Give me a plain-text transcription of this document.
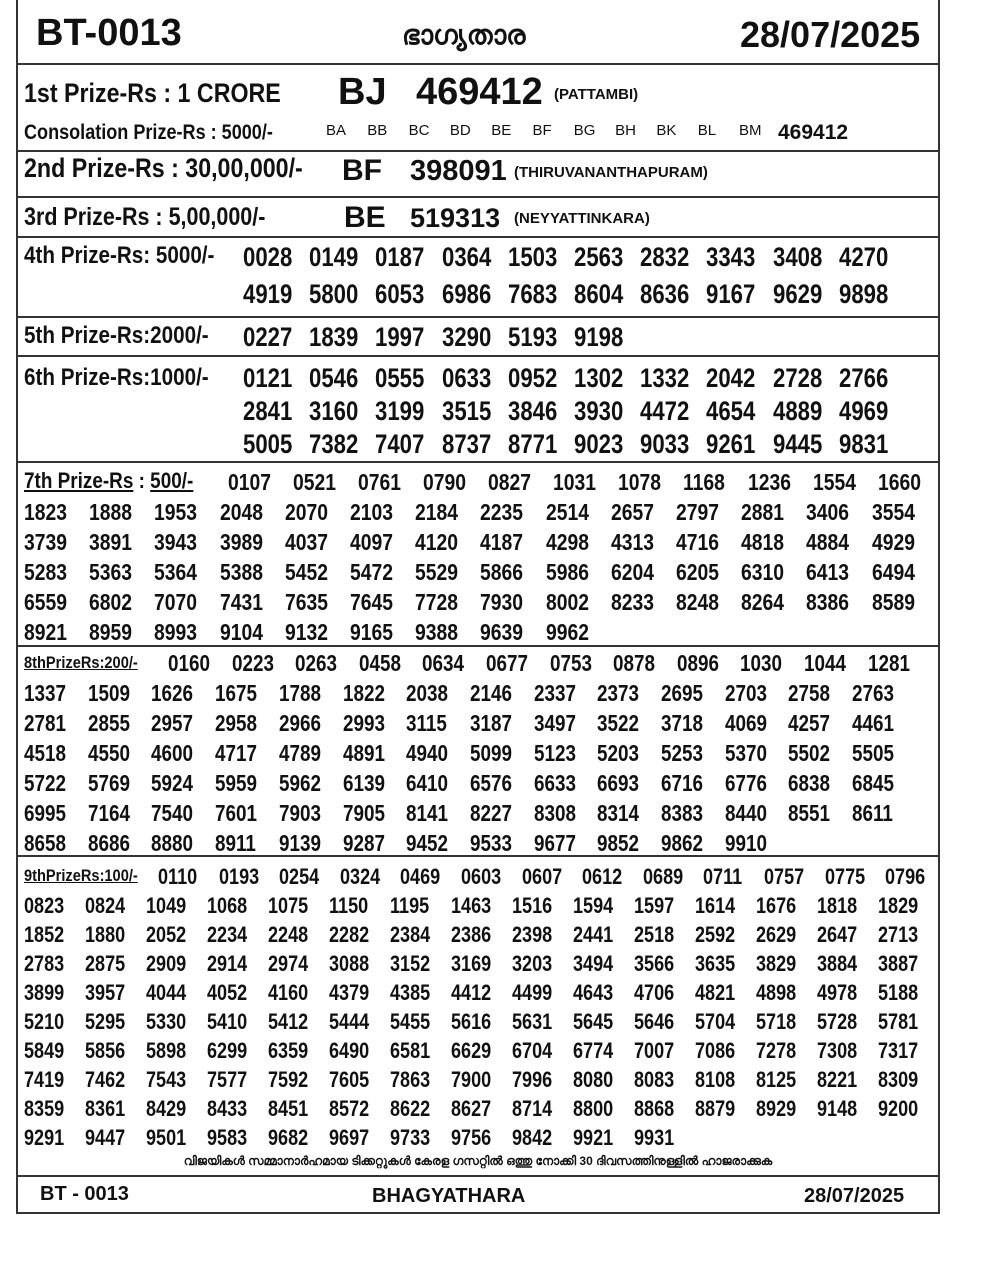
BT-0013	ഭാഗ്യതാര	28/07/2025
1st Prize-Rs : 1 CRORE	BJ 469412 (PATTAMBI)
Consolation Prize-Rs : 5000/-	BA BB BC BD BE BF BG BH BK BL BM 469412
2nd Prize-Rs : 30,00,000/-	BF 398091 (THIRUVANANTHAPURAM)
3rd Prize-Rs : 5,00,000/-	BE 519313 (NEYYATTINKARA)
4th Prize-Rs: 5000/-	0028 0149 0187 0364 1503 2563 2832 3343 3408 4270
4919 5800 6053 6986 7683 8604 8636 9167 9629 9898
5th Prize-Rs:2000/-	0227 1839 1997 3290 5193 9198
6th Prize-Rs:1000/-	0121 0546 0555 0633 0952 1302 1332 2042 2728 2766
2841 3160 3199 3515 3846 3930 4472 4654 4889 4969
5005 7382 7407 8737 8771 9023 9033 9261 9445 9831
7th Prize-Rs : 500/-	0107 0521 0761 0790 0827 1031 1078 1168 1236 1554 1660
1823 1888 1953 2048 2070 2103 2184 2235 2514 2657 2797 2881 3406 3554
3739 3891 3943 3989 4037 4097 4120 4187 4298 4313 4716 4818 4884 4929
5283 5363 5364 5388 5452 5472 5529 5866 5986 6204 6205 6310 6413 6494
6559 6802 7070 7431 7635 7645 7728 7930 8002 8233 8248 8264 8386 8589
8921 8959 8993 9104 9132 9165 9388 9639 9962
8thPrizeRs:200/-	0160 0223 0263 0458 0634 0677 0753 0878 0896 1030 1044 1281
1337 1509 1626 1675 1788 1822 2038 2146 2337 2373 2695 2703 2758 2763
2781 2855 2957 2958 2966 2993 3115 3187 3497 3522 3718 4069 4257 4461
4518 4550 4600 4717 4789 4891 4940 5099 5123 5203 5253 5370 5502 5505
5722 5769 5924 5959 5962 6139 6410 6576 6633 6693 6716 6776 6838 6845
6995 7164 7540 7601 7903 7905 8141 8227 8308 8314 8383 8440 8551 8611
8658 8686 8880 8911 9139 9287 9452 9533 9677 9852 9862 9910
9thPrizeRs:100/- 0110 0193 0254 0324 0469 0603 0607 0612 0689 0711 0757 0775 0796
0823 0824 1049 1068 1075 1150 1195 1463 1516 1594 1597 1614 1676 1818 1829
1852 1880 2052 2234 2248 2282 2384 2386 2398 2441 2518 2592 2629 2647 2713
2783 2875 2909 2914 2974 3088 3152 3169 3203 3494 3566 3635 3829 3884 3887
3899 3957 4044 4052 4160 4379 4385 4412 4499 4643 4706 4821 4898 4978 5188
5210 5295 5330 5410 5412 5444 5455 5616 5631 5645 5646 5704 5718 5728 5781
5849 5856 5898 6299 6359 6490 6581 6629 6704 6774 7007 7086 7278 7308 7317
7419 7462 7543 7577 7592 7605 7863 7900 7996 8080 8083 8108 8125 8221 8309
8359 8361 8429 8433 8451 8572 8622 8627 8714 8800 8868 8879 8929 9148 9200
9291 9447 9501 9583 9682 9697 9733 9756 9842 9921 9931
വിജയികൾ സമ്മാനാർഹമായ ടിക്കറ്റുകൾ കേരള ഗസറ്റിൽ ഒത്തു നോക്കി 30 ദിവസത്തിനുള്ളിൽ ഹാജരാക്കുക
BT - 0013	BHAGYATHARA	28/07/2025
